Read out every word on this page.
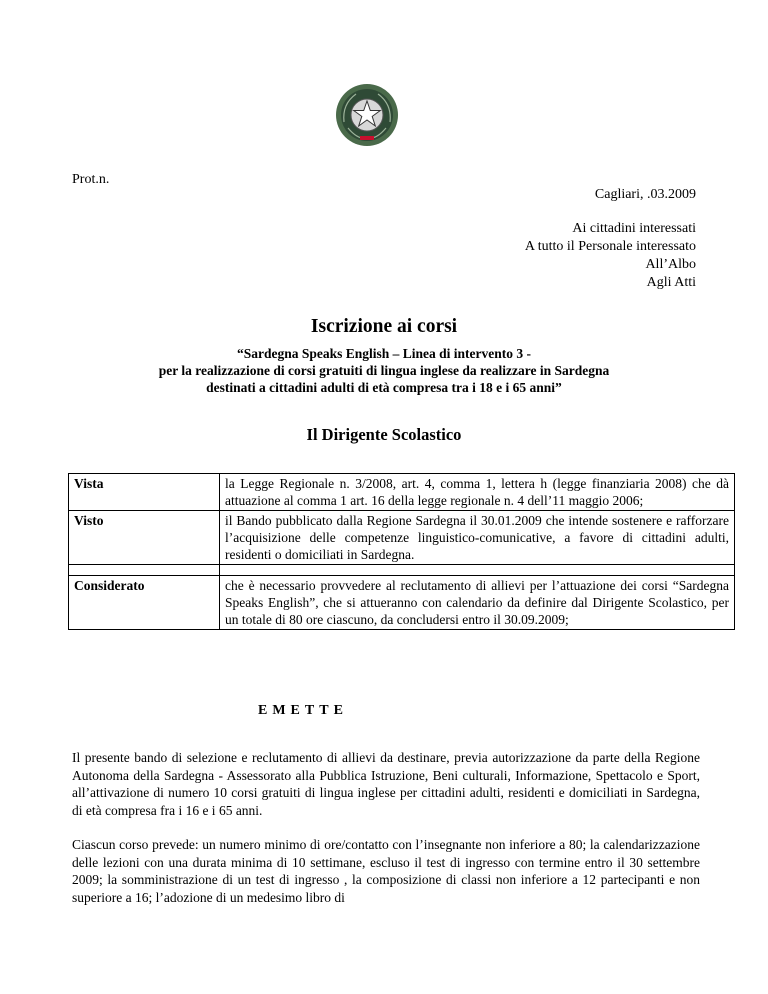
Prot.n.
Cagliari, .03.2009
Ai cittadini interessati
A tutto il Personale interessato
All’Albo
Agli Atti
Iscrizione ai corsi
“Sardegna Speaks English – Linea di intervento 3 -
per la realizzazione di corsi gratuiti di lingua inglese da realizzare in Sardegna
destinati a cittadini adulti di età compresa tra i 18 e i 65 anni”
Il Dirigente Scolastico
Vista	la Legge Regionale n. 3/2008, art. 4, comma 1, lettera h (legge finanziaria 2008) che dà attuazione al comma 1 art. 16 della legge regionale n. 4 dell’11 maggio 2006;
Visto	il Bando pubblicato dalla Regione Sardegna il 30.01.2009 che intende sostenere e rafforzare l’acquisizione delle competenze linguistico-comunicative, a favore di cittadini adulti, residenti o domiciliati in Sardegna.

Considerato	che è necessario provvedere al reclutamento di allievi per l’attuazione dei corsi “Sardegna Speaks English”, che si attueranno con calendario da definire dal Dirigente Scolastico, per un totale di 80 ore ciascuno, da concludersi entro il 30.09.2009;
EMETTE
Il presente bando di selezione e reclutamento di allievi da destinare, previa autorizzazione da parte della Regione Autonoma della Sardegna - Assessorato alla Pubblica Istruzione, Beni culturali, Informazione, Spettacolo e Sport, all’attivazione di numero 10 corsi gratuiti di lingua inglese per cittadini adulti, residenti e domiciliati in Sardegna, di età compresa fra i 16 e i 65 anni.
Ciascun corso prevede: un numero minimo di ore/contatto con l’insegnante non inferiore a 80; la calendarizzazione delle lezioni con una durata minima di 10 settimane, escluso il test di ingresso con termine entro il 30 settembre 2009; la somministrazione di un test di ingresso , la composizione di classi non inferiore a 12 partecipanti e non superiore a 16; l’adozione di un medesimo libro di
